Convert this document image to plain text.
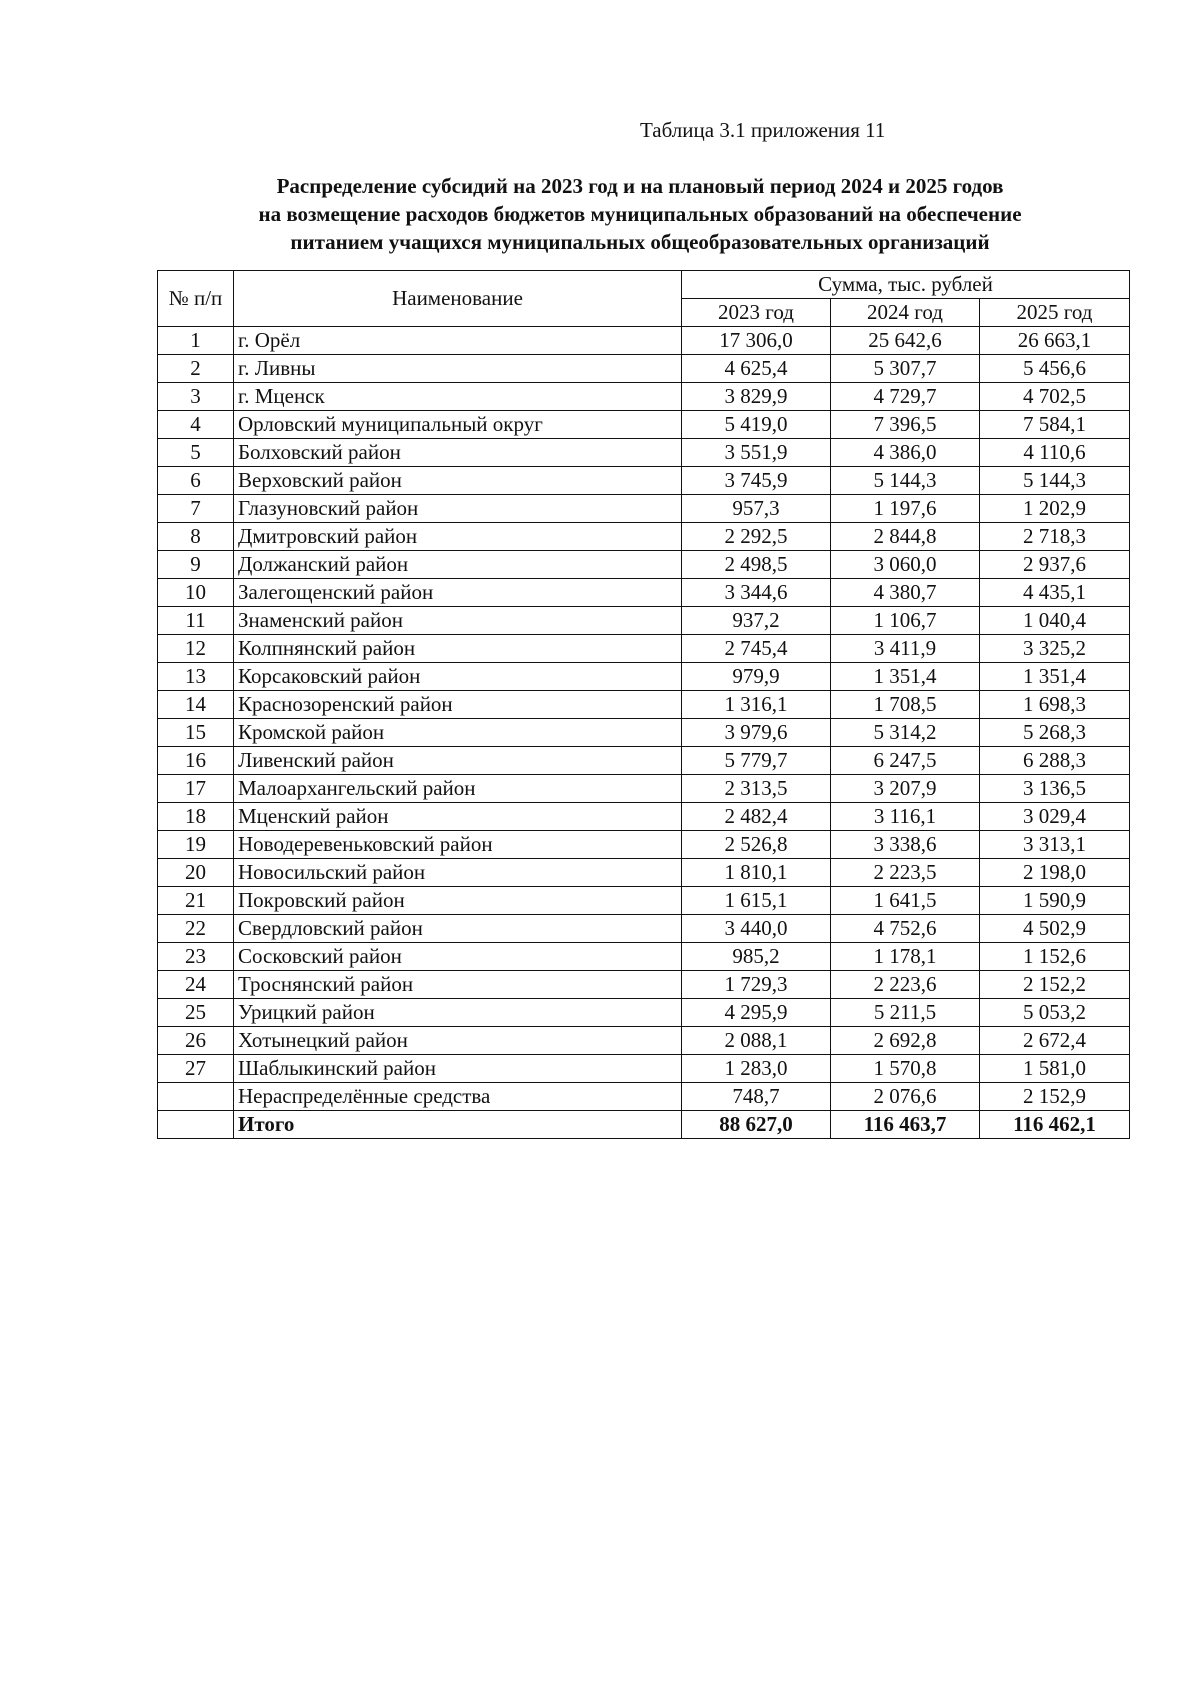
Таблица 3.1 приложения 11
Распределение субсидий на 2023 год и на плановый период 2024 и 2025 годов
на возмещение расходов бюджетов муниципальных образований на обеспечение
питанием учащихся муниципальных общеобразовательных организаций
№ п/п	Наименование	Сумма, тыс. рублей		
		2023 год	2024 год	2025 год
1	г. Орёл	17 306,0	25 642,6	26 663,1
2	г. Ливны	4 625,4	5 307,7	5 456,6
3	г. Мценск	3 829,9	4 729,7	4 702,5
4	Орловский муниципальный округ	5 419,0	7 396,5	7 584,1
5	Болховский район	3 551,9	4 386,0	4 110,6
6	Верховский район	3 745,9	5 144,3	5 144,3
7	Глазуновский район	957,3	1 197,6	1 202,9
8	Дмитровский район	2 292,5	2 844,8	2 718,3
9	Должанский район	2 498,5	3 060,0	2 937,6
10	Залегощенский район	3 344,6	4 380,7	4 435,1
11	Знаменский район	937,2	1 106,7	1 040,4
12	Колпнянский район	2 745,4	3 411,9	3 325,2
13	Корсаковский район	979,9	1 351,4	1 351,4
14	Краснозоренский район	1 316,1	1 708,5	1 698,3
15	Кромской район	3 979,6	5 314,2	5 268,3
16	Ливенский район	5 779,7	6 247,5	6 288,3
17	Малоархангельский район	2 313,5	3 207,9	3 136,5
18	Мценский район	2 482,4	3 116,1	3 029,4
19	Новодеревеньковский район	2 526,8	3 338,6	3 313,1
20	Новосильский район	1 810,1	2 223,5	2 198,0
21	Покровский район	1 615,1	1 641,5	1 590,9
22	Свердловский район	3 440,0	4 752,6	4 502,9
23	Сосковский район	985,2	1 178,1	1 152,6
24	Троснянский район	1 729,3	2 223,6	2 152,2
25	Урицкий район	4 295,9	5 211,5	5 053,2
26	Хотынецкий район	2 088,1	2 692,8	2 672,4
27	Шаблыкинский район	1 283,0	1 570,8	1 581,0
	Нераспределённые средства	748,7	2 076,6	2 152,9
	Итого	88 627,0	116 463,7	116 462,1
